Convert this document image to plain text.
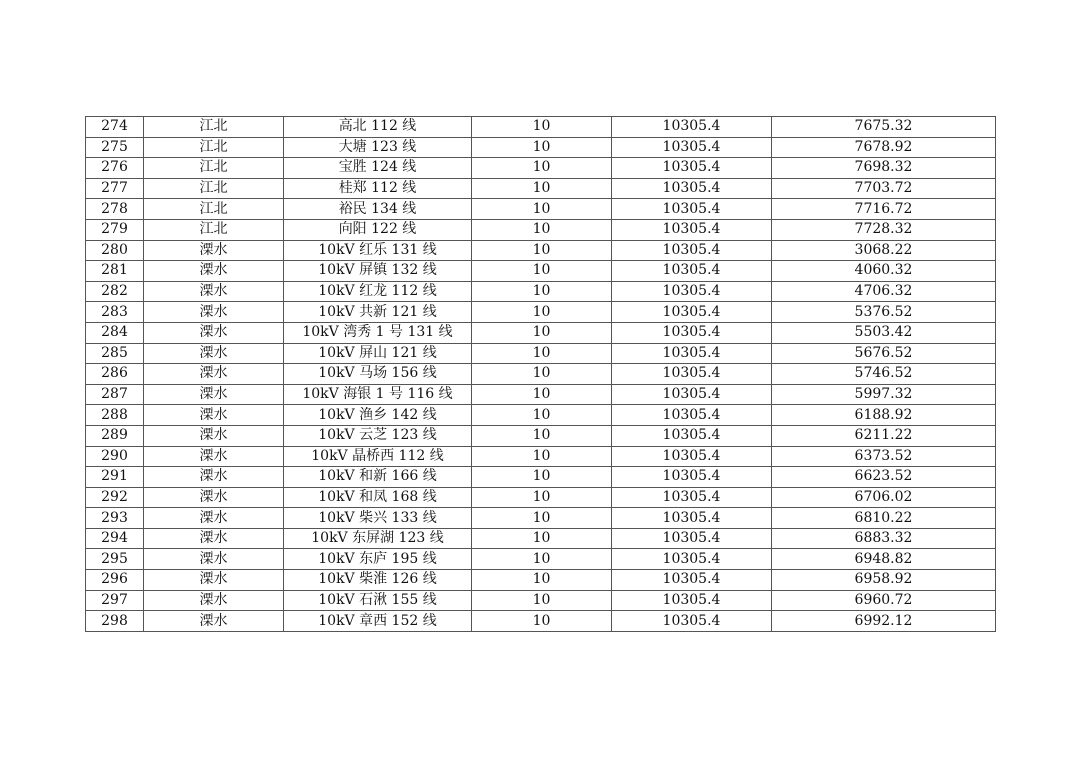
274	江北	高北 112 线	10	10305.4	7675.32
275	江北	大塘 123 线	10	10305.4	7678.92
276	江北	宝胜 124 线	10	10305.4	7698.32
277	江北	桂郑 112 线	10	10305.4	7703.72
278	江北	裕民 134 线	10	10305.4	7716.72
279	江北	向阳 122 线	10	10305.4	7728.32
280	溧水	10kV 红乐 131 线	10	10305.4	3068.22
281	溧水	10kV 屏镇 132 线	10	10305.4	4060.32
282	溧水	10kV 红龙 112 线	10	10305.4	4706.32
283	溧水	10kV 共新 121 线	10	10305.4	5376.52
284	溧水	10kV 湾秀 1 号 131 线	10	10305.4	5503.42
285	溧水	10kV 屏山 121 线	10	10305.4	5676.52
286	溧水	10kV 马场 156 线	10	10305.4	5746.52
287	溧水	10kV 海银 1 号 116 线	10	10305.4	5997.32
288	溧水	10kV 渔乡 142 线	10	10305.4	6188.92
289	溧水	10kV 云芝 123 线	10	10305.4	6211.22
290	溧水	10kV 晶桥西 112 线	10	10305.4	6373.52
291	溧水	10kV 和新 166 线	10	10305.4	6623.52
292	溧水	10kV 和凤 168 线	10	10305.4	6706.02
293	溧水	10kV 柴兴 133 线	10	10305.4	6810.22
294	溧水	10kV 东屏湖 123 线	10	10305.4	6883.32
295	溧水	10kV 东庐 195 线	10	10305.4	6948.82
296	溧水	10kV 柴淮 126 线	10	10305.4	6958.92
297	溧水	10kV 石湫 155 线	10	10305.4	6960.72
298	溧水	10kV 章西 152 线	10	10305.4	6992.12
